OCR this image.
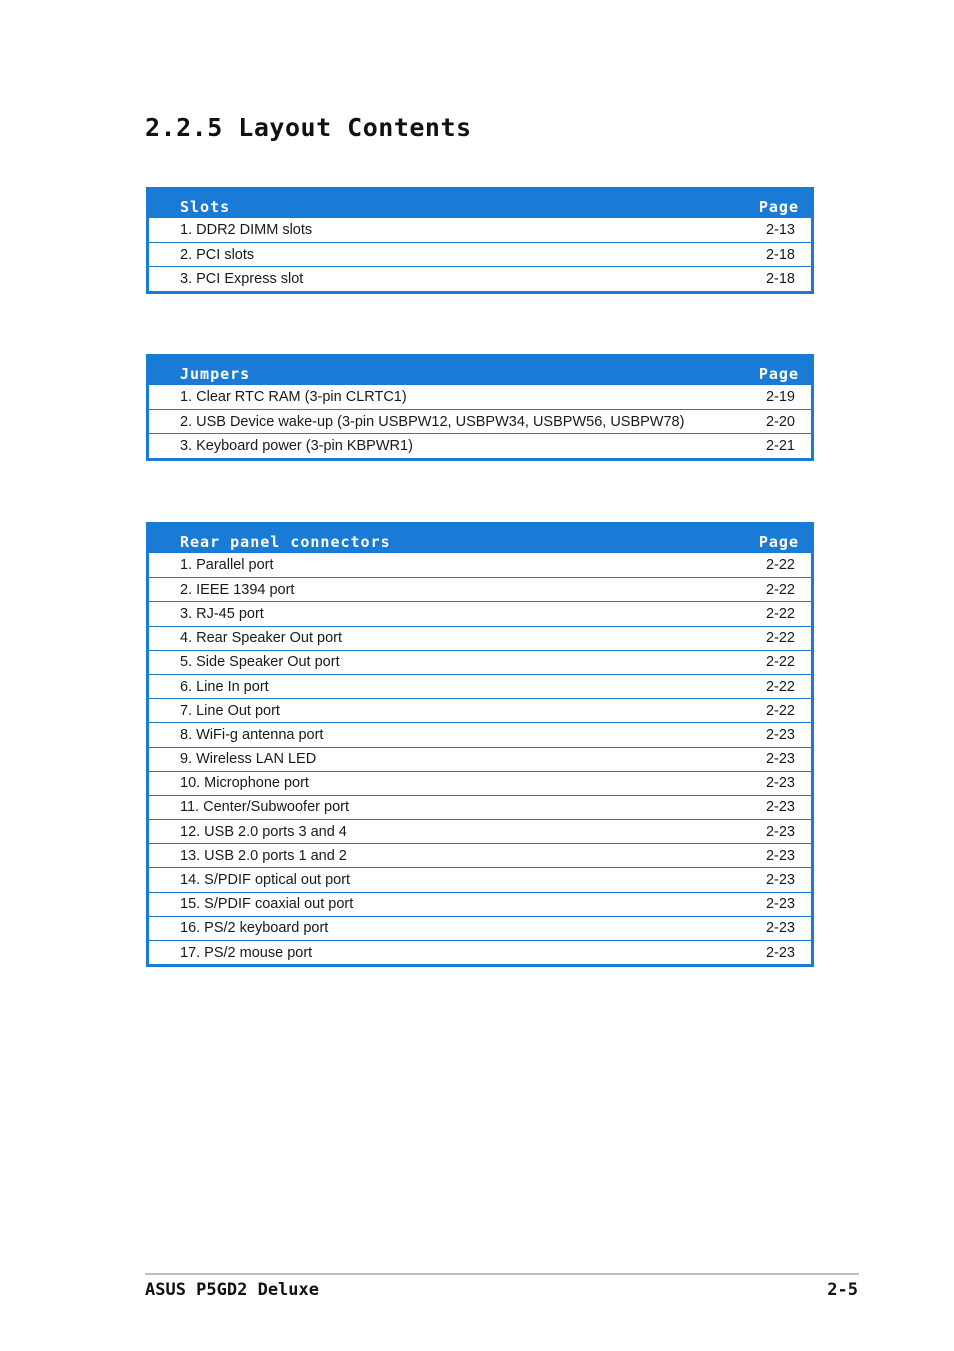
2.2.5 Layout Contents
Slots	Page
1. DDR2 DIMM slots	2-13
2. PCI slots	2-18
3. PCI Express slot	2-18
Jumpers	Page
1. Clear RTC RAM (3-pin CLRTC1)	2-19
2. USB Device wake-up (3-pin USBPW12, USBPW34, USBPW56, USBPW78)	2-20
3. Keyboard power (3-pin KBPWR1)	2-21
Rear panel connectors	Page
1. Parallel port	2-22
2. IEEE 1394 port	2-22
3. RJ-45 port	2-22
4. Rear Speaker Out port	2-22
5. Side Speaker Out port	2-22
6. Line In port	2-22
7. Line Out port	2-22
8. WiFi-g antenna port	2-23
9. Wireless LAN LED	2-23
10. Microphone port	2-23
11. Center/Subwoofer port	2-23
12. USB 2.0 ports 3 and 4	2-23
13. USB 2.0 ports 1 and 2	2-23
14. S/PDIF optical out port	2-23
15. S/PDIF coaxial out port	2-23
16. PS/2 keyboard port	2-23
17. PS/2 mouse port	2-23
ASUS P5GD2 Deluxe	2-5
